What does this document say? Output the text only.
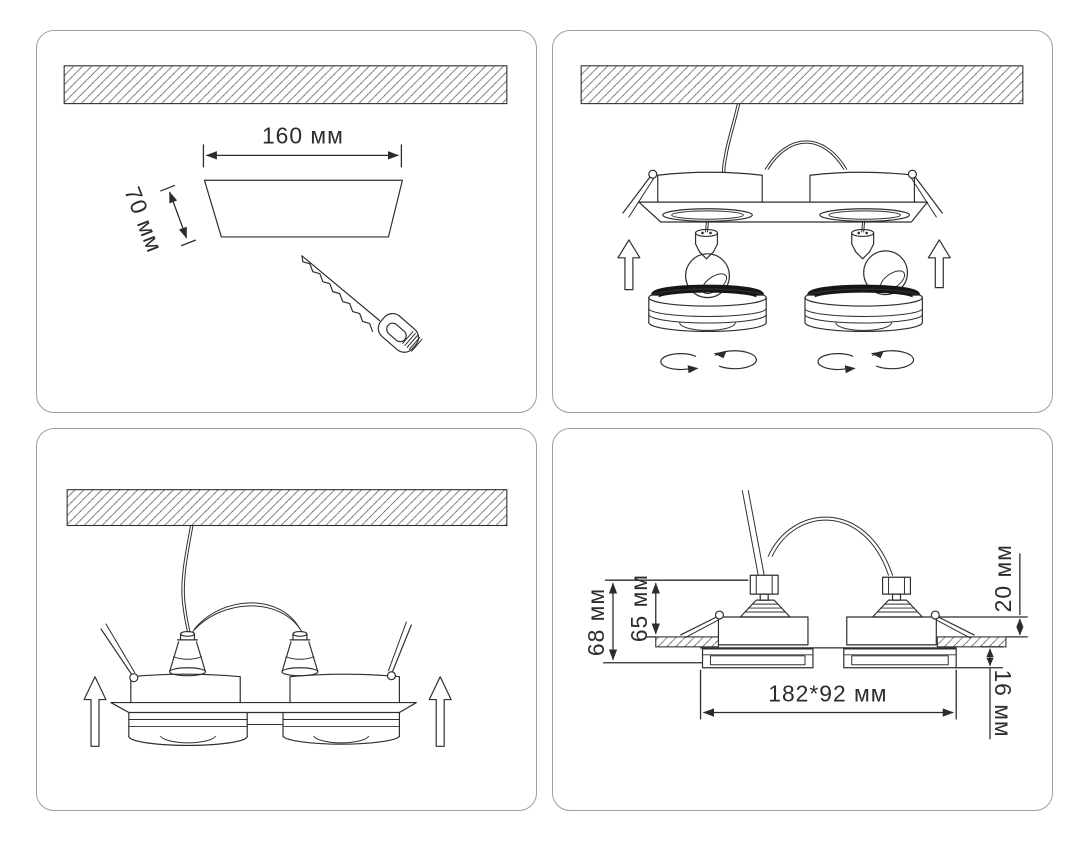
160 мм
70 мм
68 мм 65 мм	20 мм
16 мм
182*92 мм
